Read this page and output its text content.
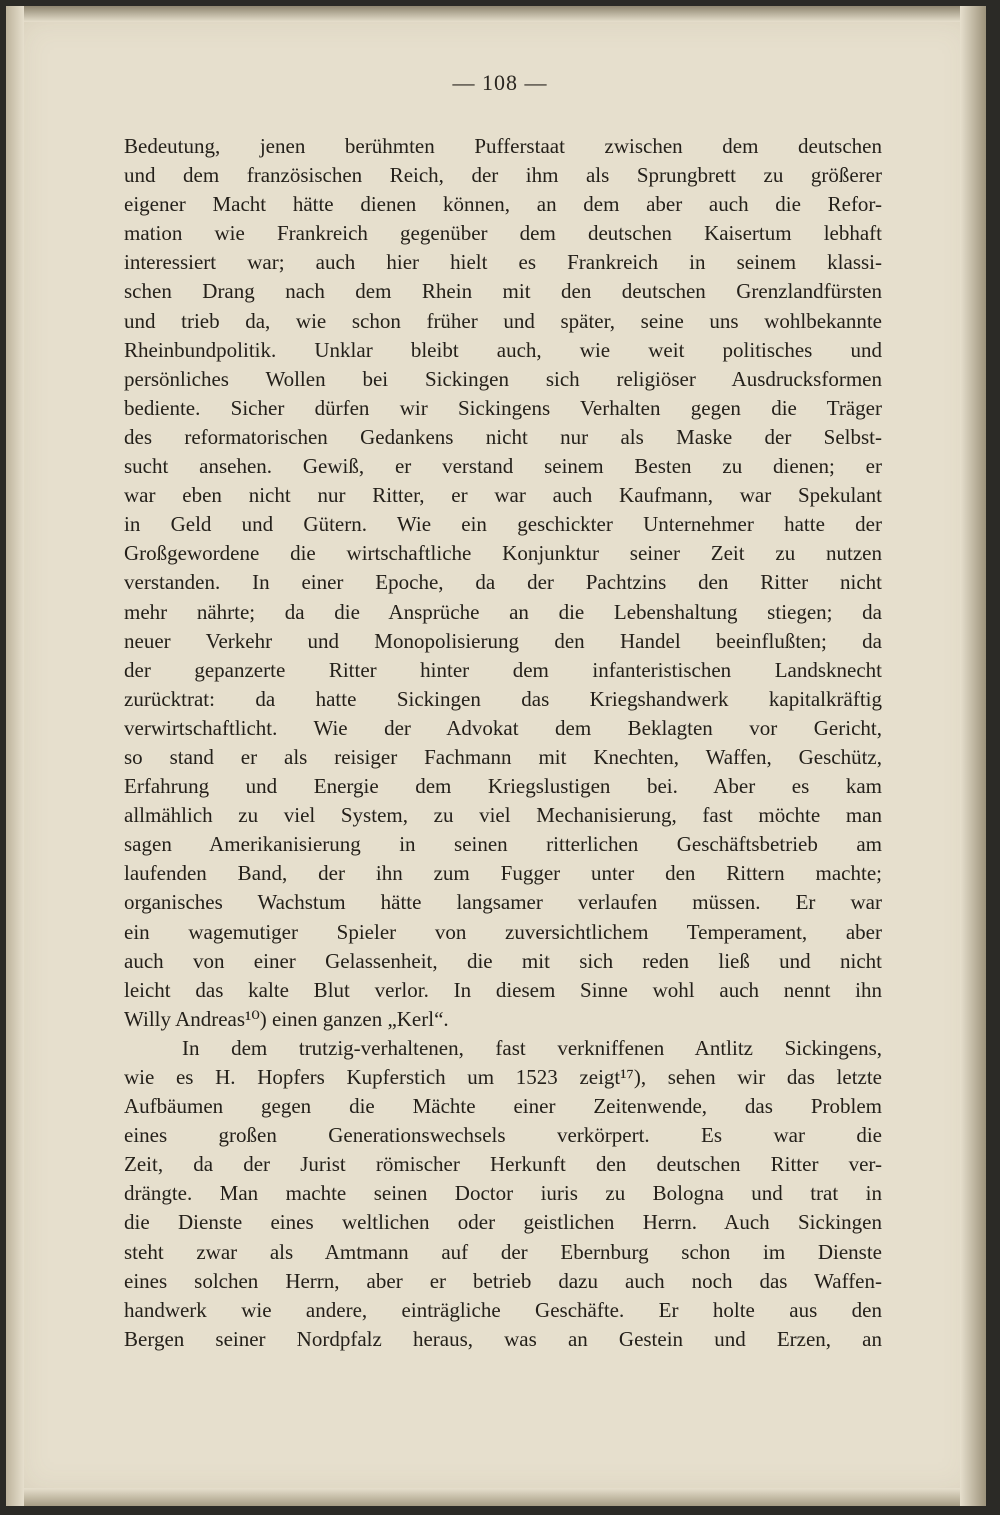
— 108 —
Bedeutung, jenen berühmten Pufferstaat zwischen dem deutschen
und dem französischen Reich, der ihm als Sprungbrett zu größerer
eigener Macht hätte dienen können, an dem aber auch die Refor-
mation wie Frankreich gegenüber dem deutschen Kaisertum lebhaft
interessiert war; auch hier hielt es Frankreich in seinem klassi-
schen Drang nach dem Rhein mit den deutschen Grenzlandfürsten
und trieb da, wie schon früher und später, seine uns wohlbekannte
Rheinbundpolitik. Unklar bleibt auch, wie weit politisches und
persönliches Wollen bei Sickingen sich religiöser Ausdrucksformen
bediente. Sicher dürfen wir Sickingens Verhalten gegen die Träger
des reformatorischen Gedankens nicht nur als Maske der Selbst-
sucht ansehen. Gewiß, er verstand seinem Besten zu dienen; er
war eben nicht nur Ritter, er war auch Kaufmann, war Spekulant
in Geld und Gütern. Wie ein geschickter Unternehmer hatte der
Großgewordene die wirtschaftliche Konjunktur seiner Zeit zu nutzen
verstanden. In einer Epoche, da der Pachtzins den Ritter nicht
mehr nährte; da die Ansprüche an die Lebenshaltung stiegen; da
neuer Verkehr und Monopolisierung den Handel beeinflußten; da
der gepanzerte Ritter hinter dem infanteristischen Landsknecht
zurücktrat: da hatte Sickingen das Kriegshandwerk kapitalkräftig
verwirtschaftlicht. Wie der Advokat dem Beklagten vor Gericht,
so stand er als reisiger Fachmann mit Knechten, Waffen, Geschütz,
Erfahrung und Energie dem Kriegslustigen bei. Aber es kam
allmählich zu viel System, zu viel Mechanisierung, fast möchte man
sagen Amerikanisierung in seinen ritterlichen Geschäftsbetrieb am
laufenden Band, der ihn zum Fugger unter den Rittern machte;
organisches Wachstum hätte langsamer verlaufen müssen. Er war
ein wagemutiger Spieler von zuversichtlichem Temperament, aber
auch von einer Gelassenheit, die mit sich reden ließ und nicht
leicht das kalte Blut verlor. In diesem Sinne wohl auch nennt ihn
Willy Andreas¹⁰) einen ganzen „Kerl“.
In dem trutzig-verhaltenen, fast verkniffenen Antlitz Sickingens,
wie es H. Hopfers Kupferstich um 1523 zeigt¹⁷), sehen wir das letzte
Aufbäumen gegen die Mächte einer Zeitenwende, das Problem
eines großen Generationswechsels verkörpert. Es war die
Zeit, da der Jurist römischer Herkunft den deutschen Ritter ver-
drängte. Man machte seinen Doctor iuris zu Bologna und trat in
die Dienste eines weltlichen oder geistlichen Herrn. Auch Sickingen
steht zwar als Amtmann auf der Ebernburg schon im Dienste
eines solchen Herrn, aber er betrieb dazu auch noch das Waffen-
handwerk wie andere, einträgliche Geschäfte. Er holte aus den
Bergen seiner Nordpfalz heraus, was an Gestein und Erzen, an
